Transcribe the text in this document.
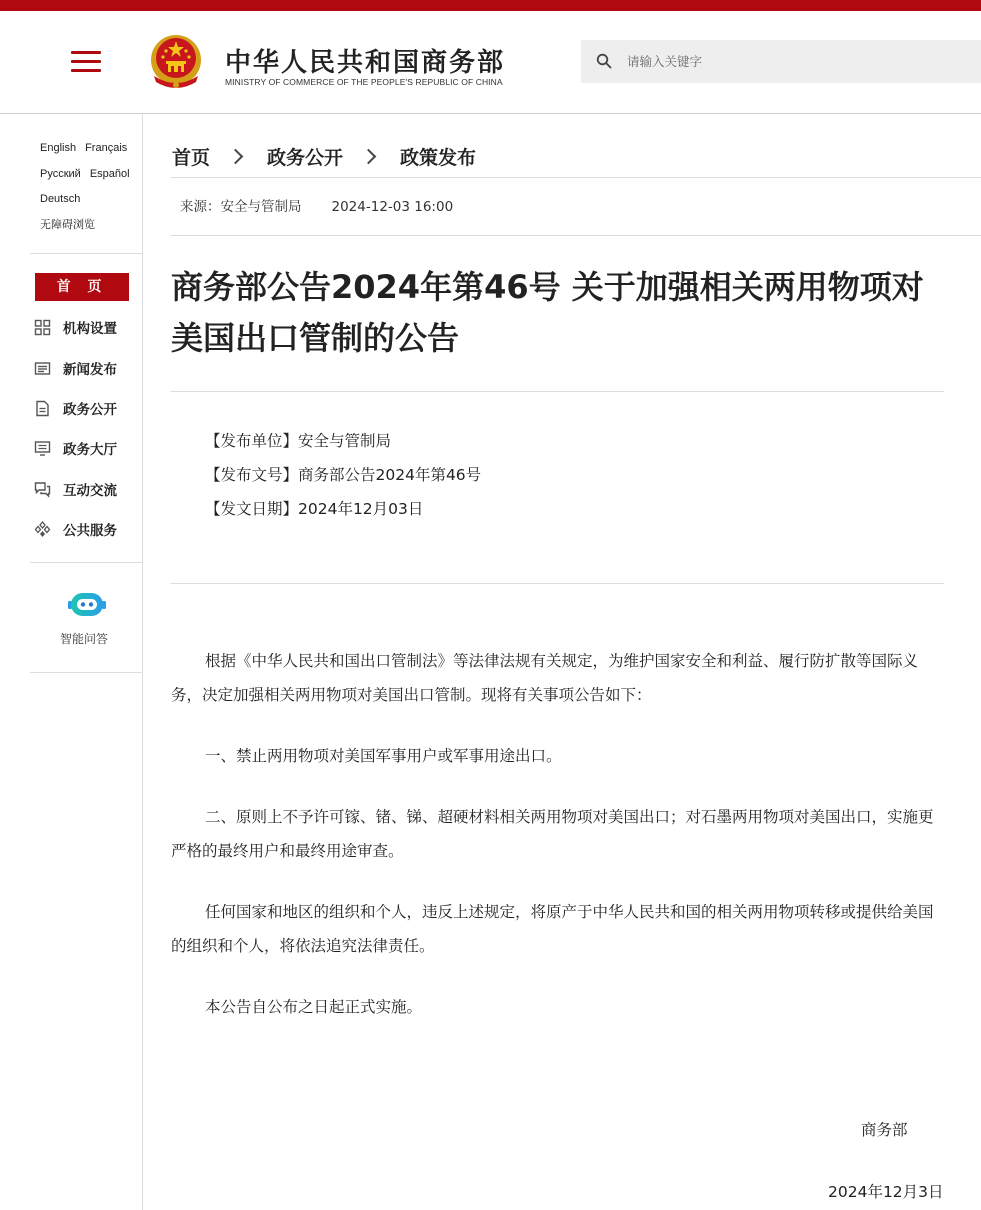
中华人民共和国商务部
MINISTRY OF COMMERCE OF THE PEOPLE'S REPUBLIC OF CHINA
请输入关键字
English Français
Русский Español
Deutsch
无障碍浏览
首 页
机构设置
新闻发布
政务公开
政务大厅
互动交流
公共服务
智能问答
首页	政务公开	政策发布
来源：安全与管制局 2024-12-03 16:00
商务部公告2024年第46号 关于加强相关两用物项对美国出口管制的公告
【发布单位】安全与管制局
【发布文号】商务部公告2024年第46号
【发文日期】2024年12月03日

根据《中华人民共和国出口管制法》等法律法规有关规定，为维护国家安全和利益、履行防扩散等国际义务，决定加强相关两用物项对美国出口管制。现将有关事项公告如下：

一、禁止两用物项对美国军事用户或军事用途出口。

二、原则上不予许可镓、锗、锑、超硬材料相关两用物项对美国出口；对石墨两用物项对美国出口，实施更严格的最终用户和最终用途审查。

任何国家和地区的组织和个人，违反上述规定，将原产于中华人民共和国的相关两用物项转移或提供给美国的组织和个人，将依法追究法律责任。

本公告自公布之日起正式实施。

商务部
2024年12月3日
